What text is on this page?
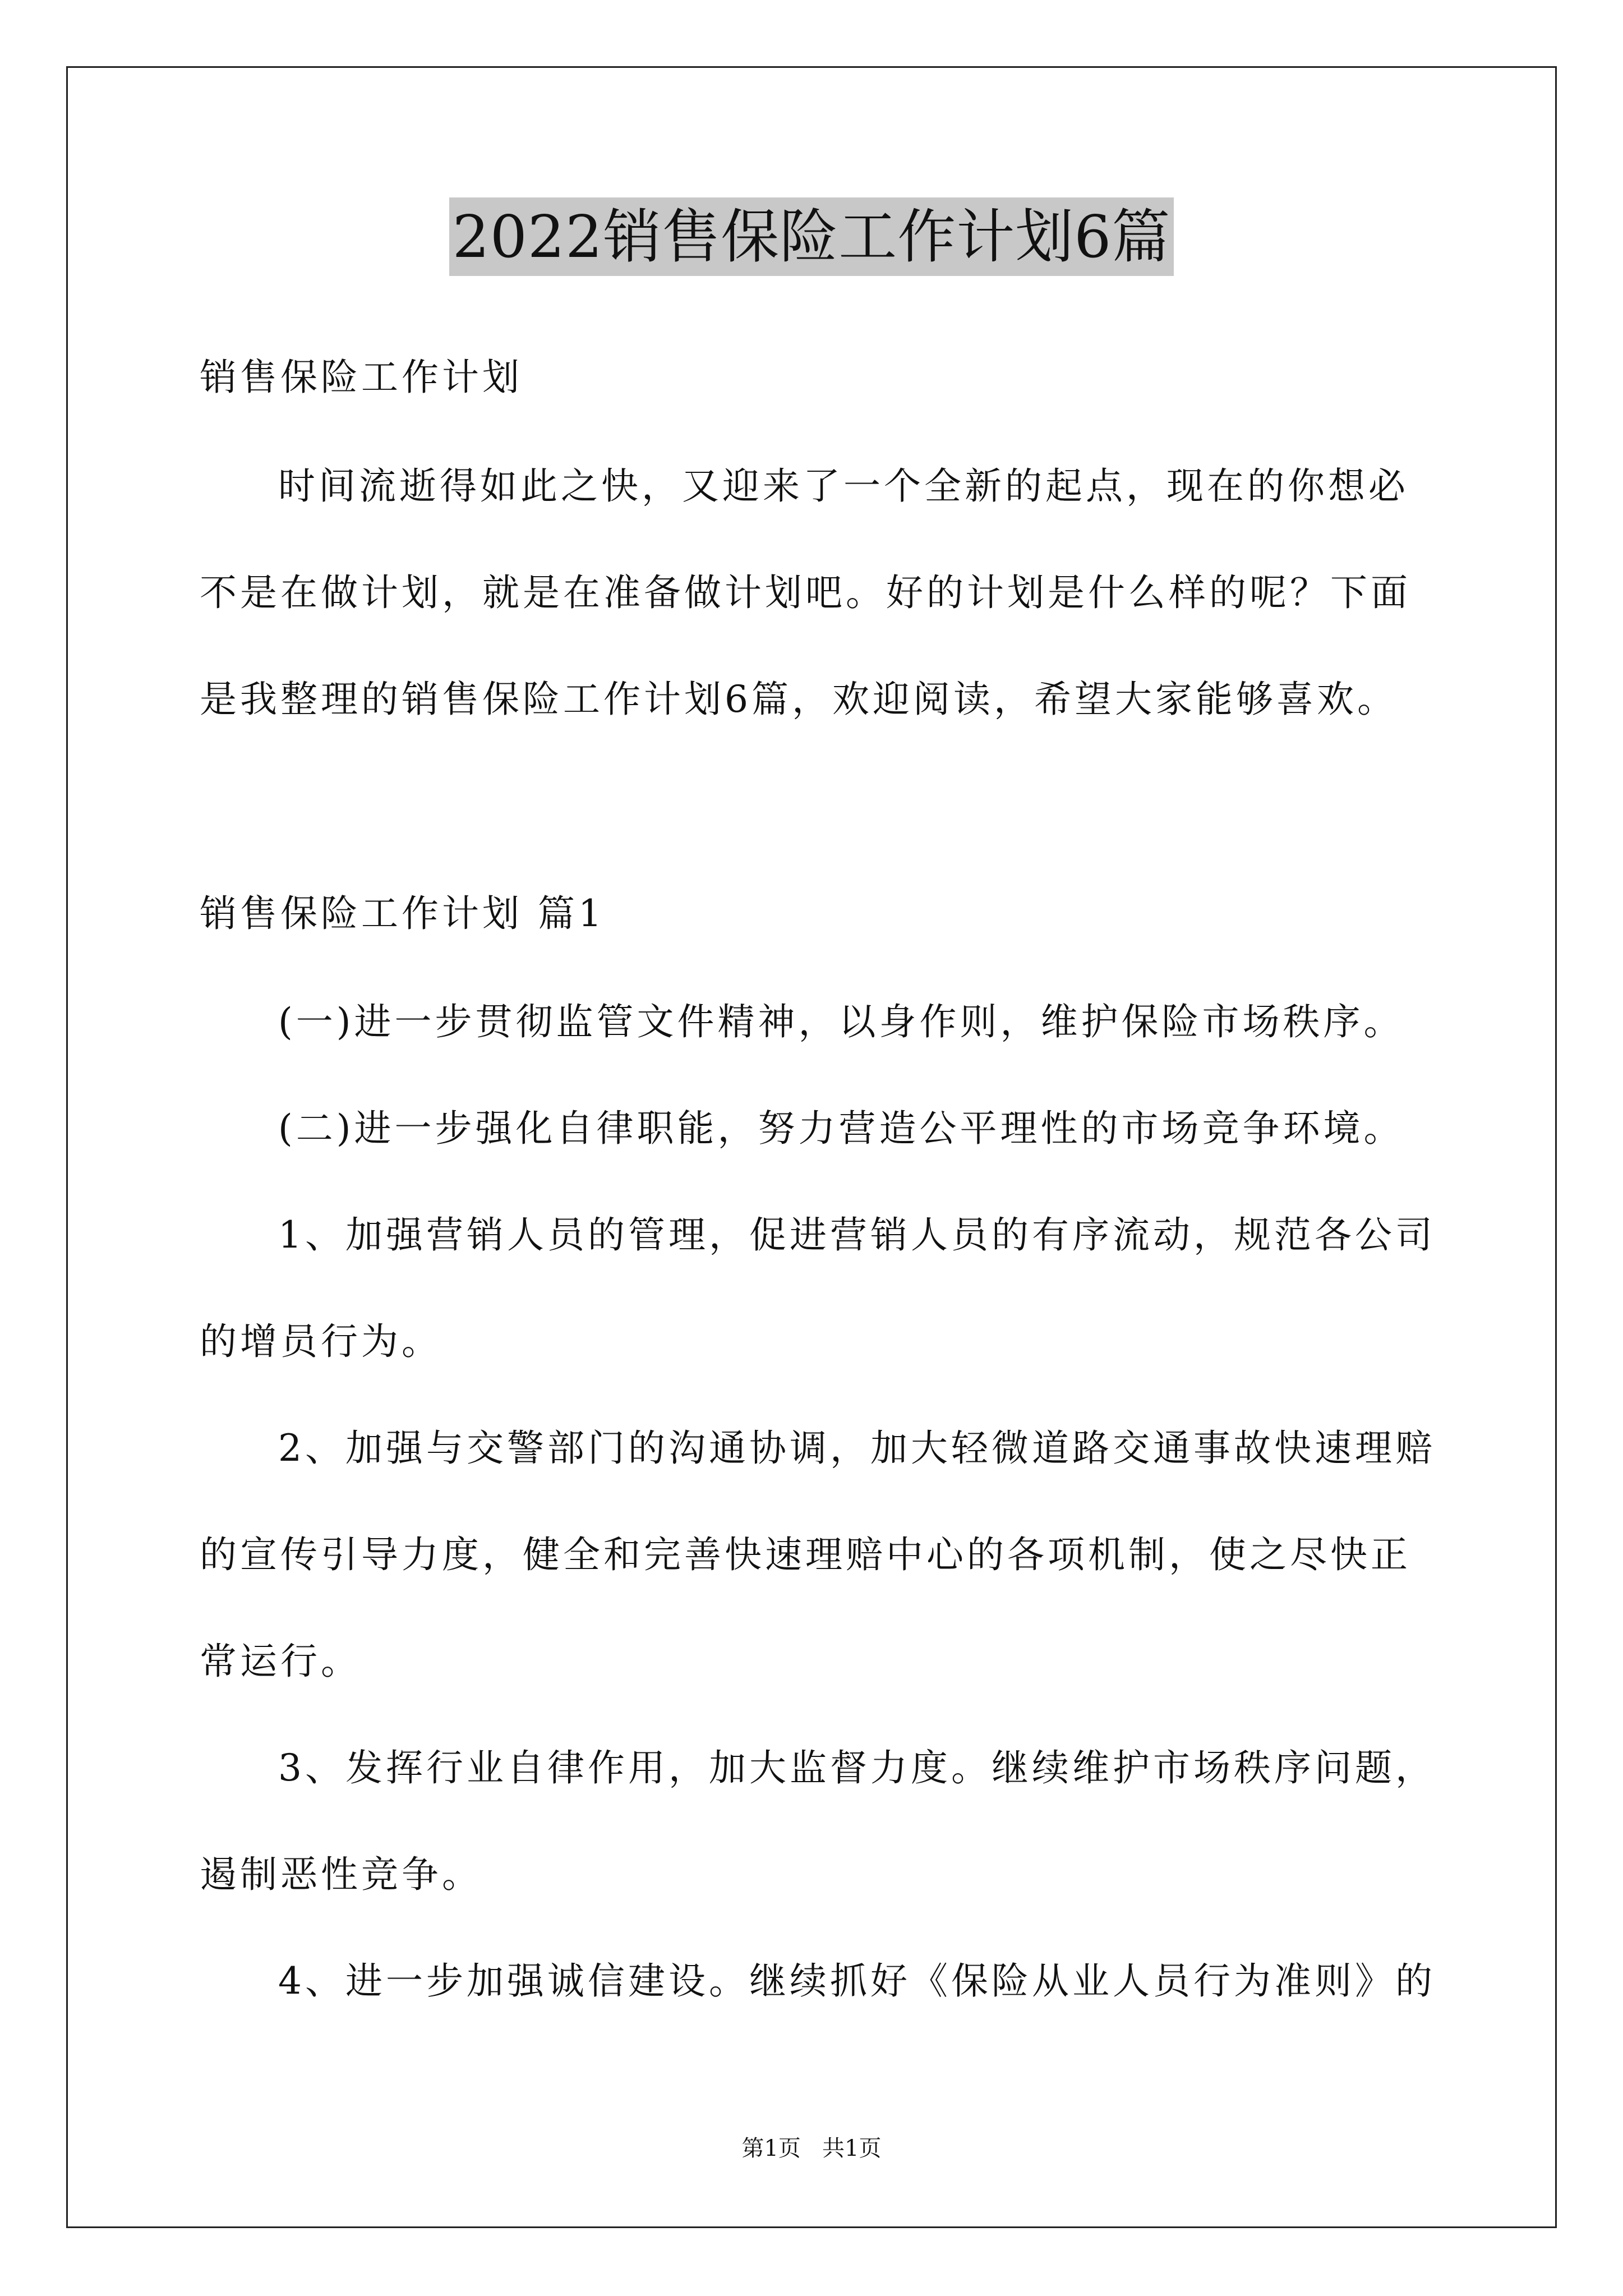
2022销售保险工作计划6篇
销售保险工作计划
时间流逝得如此之快，又迎来了一个全新的起点，现在的你想必
不是在做计划，就是在准备做计划吧。好的计划是什么样的呢？下面
是我整理的销售保险工作计划6篇，欢迎阅读，希望大家能够喜欢。
销售保险工作计划 篇1
(一)进一步贯彻监管文件精神，以身作则，维护保险市场秩序。
(二)进一步强化自律职能，努力营造公平理性的市场竞争环境。
1、加强营销人员的管理，促进营销人员的有序流动，规范各公司
的增员行为。
2、加强与交警部门的沟通协调，加大轻微道路交通事故快速理赔
的宣传引导力度，健全和完善快速理赔中心的各项机制，使之尽快正
常运行。
3、发挥行业自律作用，加大监督力度。继续维护市场秩序问题，
遏制恶性竞争。
4、进一步加强诚信建设。继续抓好《保险从业人员行为准则》的
第1页   共1页
